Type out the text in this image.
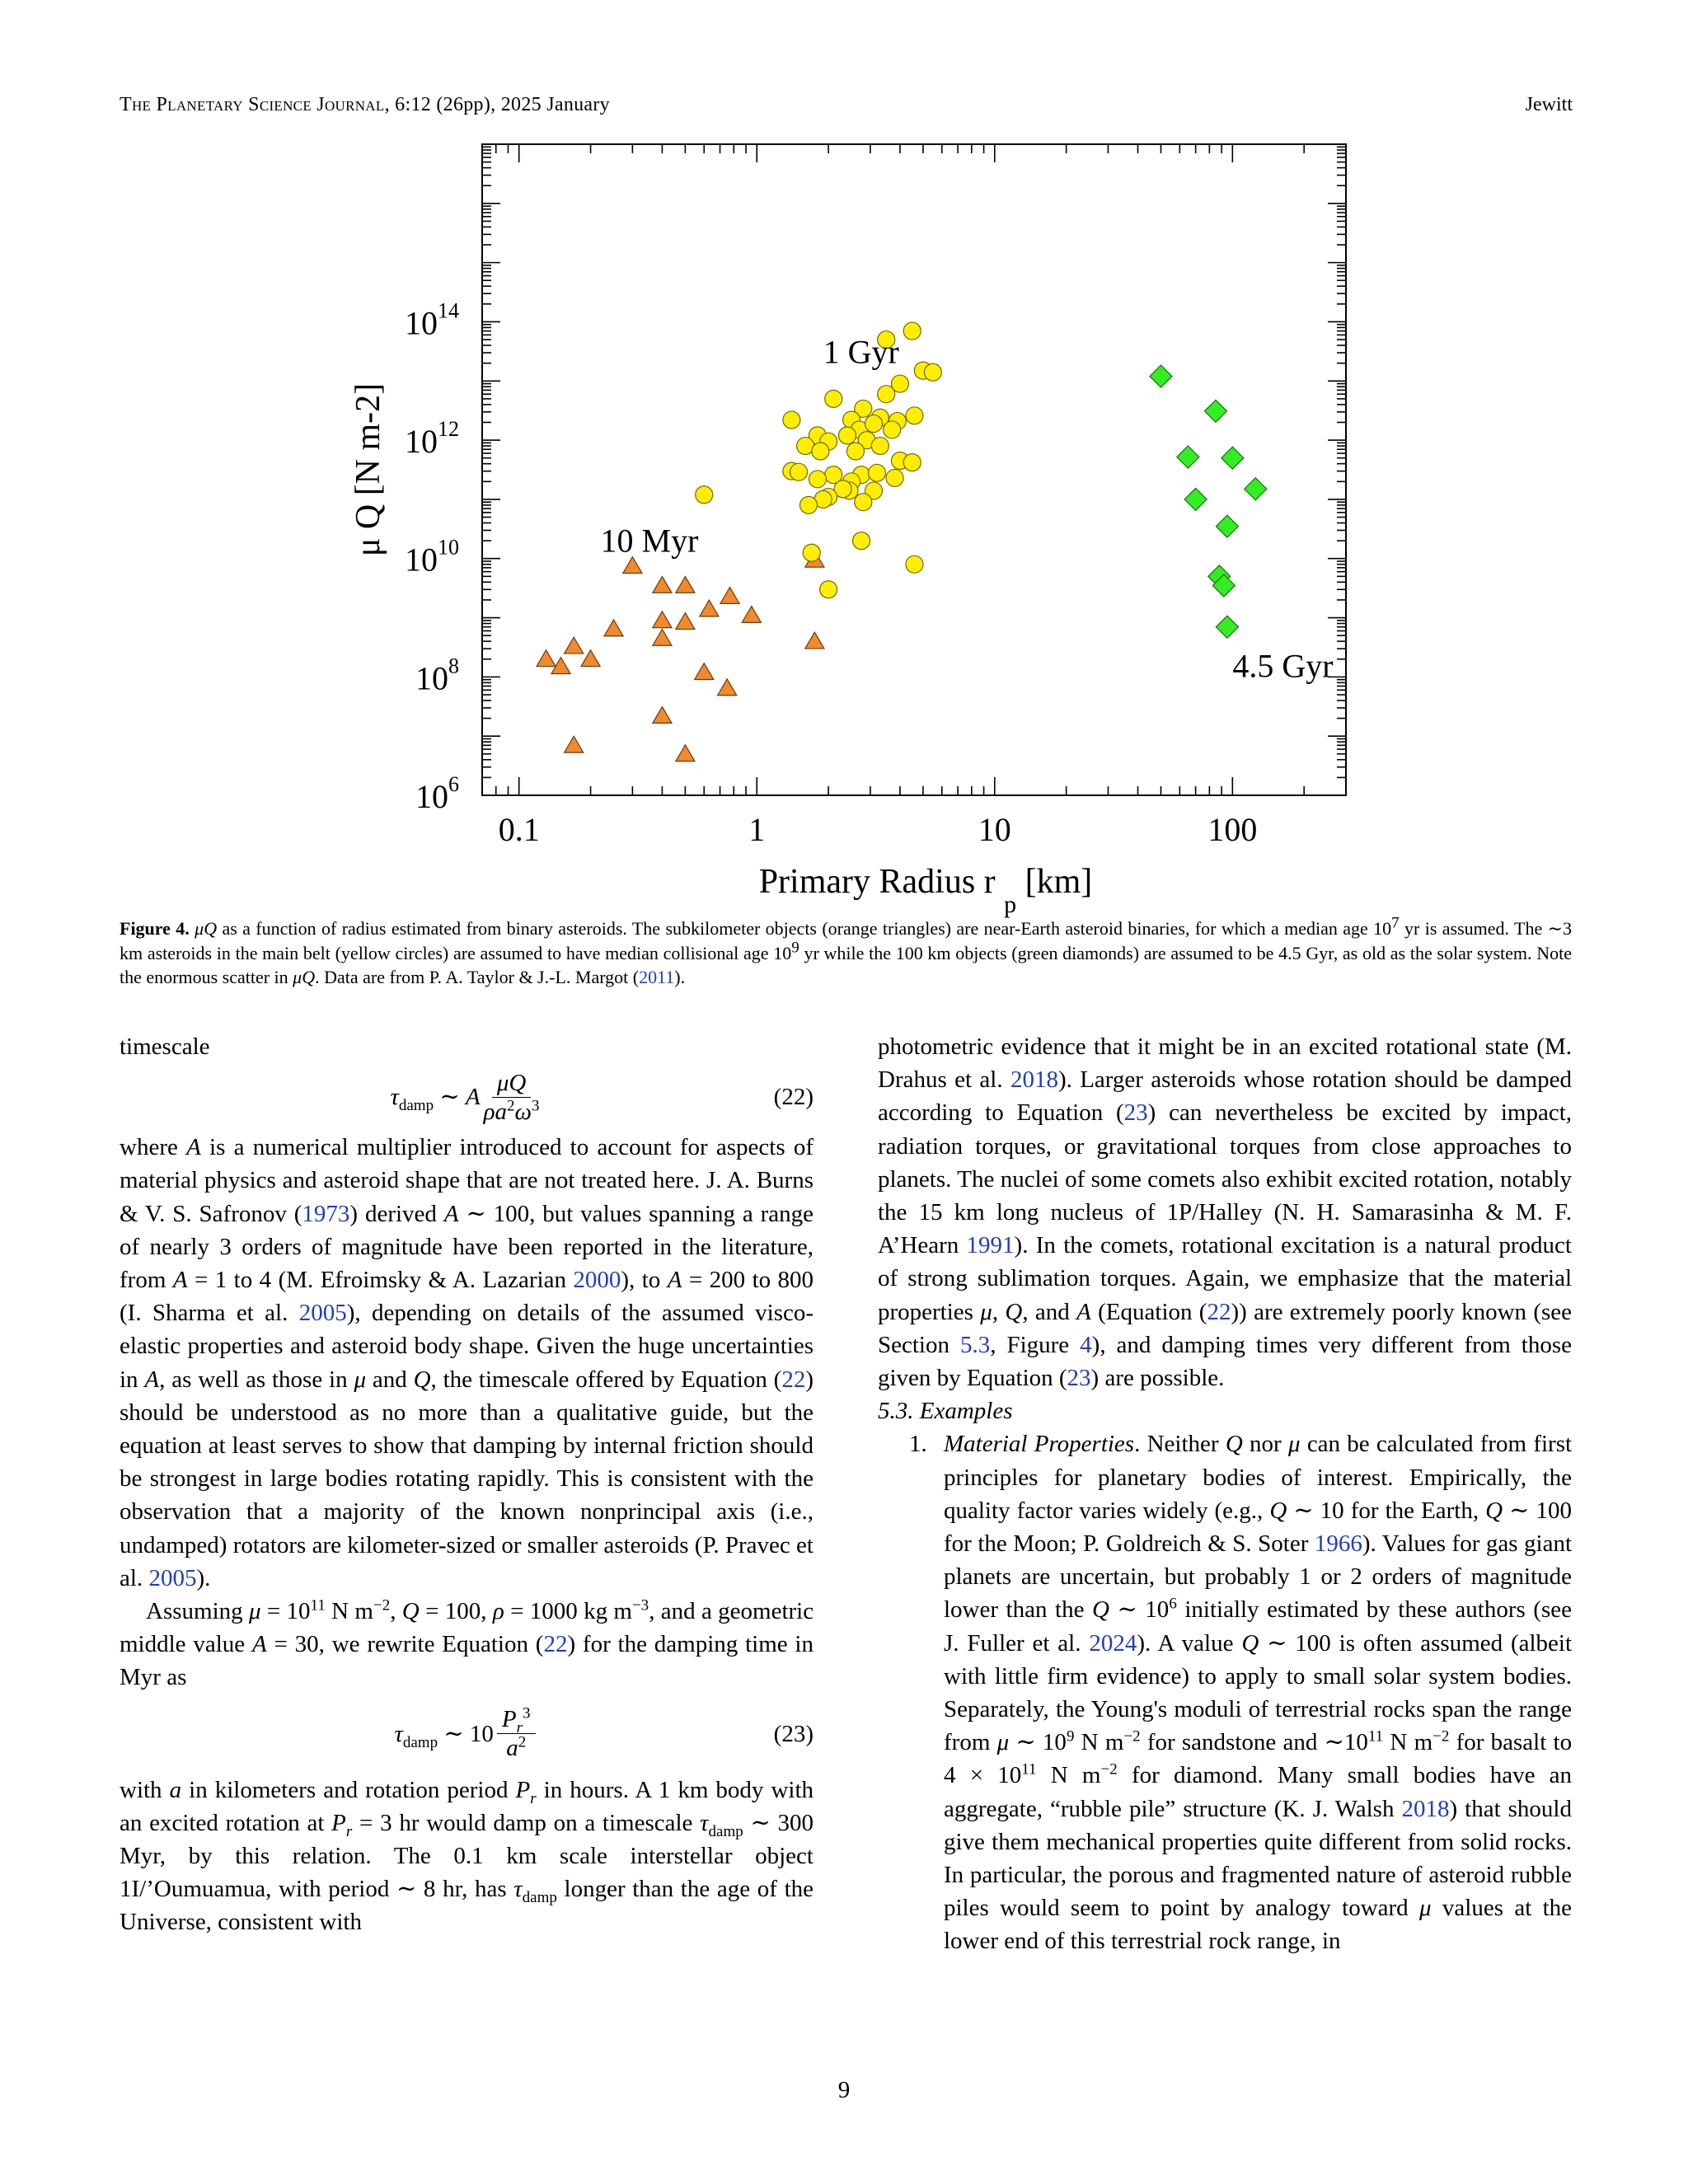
The Planetary Science Journal, 6:12 (26pp), 2025 January	Jewitt
0.1	1	10	100
$10^6$
$10^8$
$10^{10}$
$10^{12}$
$10^{14}$
Primary Radius r $_p$ [km]
μ Q [N m-2]
1 Gyr
10 Myr
4.5 Gyr
Figure 4. μQ as a function of radius estimated from binary asteroids. The subkilometer objects (orange triangles) are near-Earth asteroid binaries, for which a median age $10^7$ yr is assumed. The ∼3 km asteroids in the main belt (yellow circles) are assumed to have median collisional age $10^9$ yr while the 100 km objects (green diamonds) are assumed to be 4.5 Gyr, as old as the solar system. Note the enormous scatter in μQ. Data are from P. A. Taylor & J.-L. Margot (2011).

timescale

$\tau_{damp}$ ∼ A $\frac{\mu Q}{\rho a^2\omega^3}$	(22)

where A is a numerical multiplier introduced to account for aspects of material physics and asteroid shape that are not treated here. J. A. Burns & V. S. Safronov (1973) derived A ∼ 100, but values spanning a range of nearly 3 orders of magnitude have been reported in the literature, from A = 1 to 4 (M. Efroimsky & A. Lazarian 2000), to A = 200 to 800 (I. Sharma et al. 2005), depending on details of the assumed visco-elastic properties and asteroid body shape. Given the huge uncertainties in A, as well as those in μ and Q, the timescale offered by Equation (22) should be understood as no more than a qualitative guide, but the equation at least serves to show that damping by internal friction should be strongest in large bodies rotating rapidly. This is consistent with the observation that a majority of the known nonprincipal axis (i.e., undamped) rotators are kilometer-sized or smaller asteroids (P. Pravec et al. 2005).

Assuming $\mu = 10^{11}$ N $m^{-2}$, Q = 100, ρ = 1000 kg $m^{-3}$, and a geometric middle value A = 30, we rewrite Equation (22) for the damping time in Myr as

$\tau_{damp}$ ∼ $10 \frac{P_r^3}{a^2}$	(23)

with a in kilometers and rotation period $P_r$ in hours. A 1 km body with an excited rotation at $P_r = 3$ hr would damp on a timescale $\tau_{damp}$ ∼ 300 Myr, by this relation. The 0.1 km scale interstellar object 1I/’Oumuamua, with period ∼ 8 hr, has $\tau_{damp}$ longer than the age of the Universe, consistent with

photometric evidence that it might be in an excited rotational state (M. Drahus et al. 2018). Larger asteroids whose rotation should be damped according to Equation (23) can nevertheless be excited by impact, radiation torques, or gravitational torques from close approaches to planets. The nuclei of some comets also exhibit excited rotation, notably the 15 km long nucleus of 1P/Halley (N. H. Samarasinha & M. F. A’Hearn 1991). In the comets, rotational excitation is a natural product of strong sublimation torques. Again, we emphasize that the material properties μ, Q, and A (Equation (22)) are extremely poorly known (see Section 5.3, Figure 4), and damping times very different from those given by Equation (23) are possible.

5.3. Examples

1. Material Properties. Neither Q nor μ can be calculated from first principles for planetary bodies of interest. Empirically, the quality factor varies widely (e.g., Q ∼ 10 for the Earth, Q ∼ 100 for the Moon; P. Goldreich & S. Soter 1966). Values for gas giant planets are uncertain, but probably 1 or 2 orders of magnitude lower than the Q ∼ $10^6$ initially estimated by these authors (see J. Fuller et al. 2024). A value Q ∼ 100 is often assumed (albeit with little firm evidence) to apply to small solar system bodies. Separately, the Young's moduli of terrestrial rocks span the range from μ ∼ $10^9$ N $m^{-2}$ for sandstone and $\sim 10^{11}$ N $m^{-2}$ for basalt to $4 \times 10^{11}$ N $m^{-2}$ for diamond. Many small bodies have an aggregate, “rubble pile” structure (K. J. Walsh 2018) that should give them mechanical properties quite different from solid rocks. In particular, the porous and fragmented nature of asteroid rubble piles would seem to point by analogy toward μ values at the lower end of this terrestrial rock range, in

9
